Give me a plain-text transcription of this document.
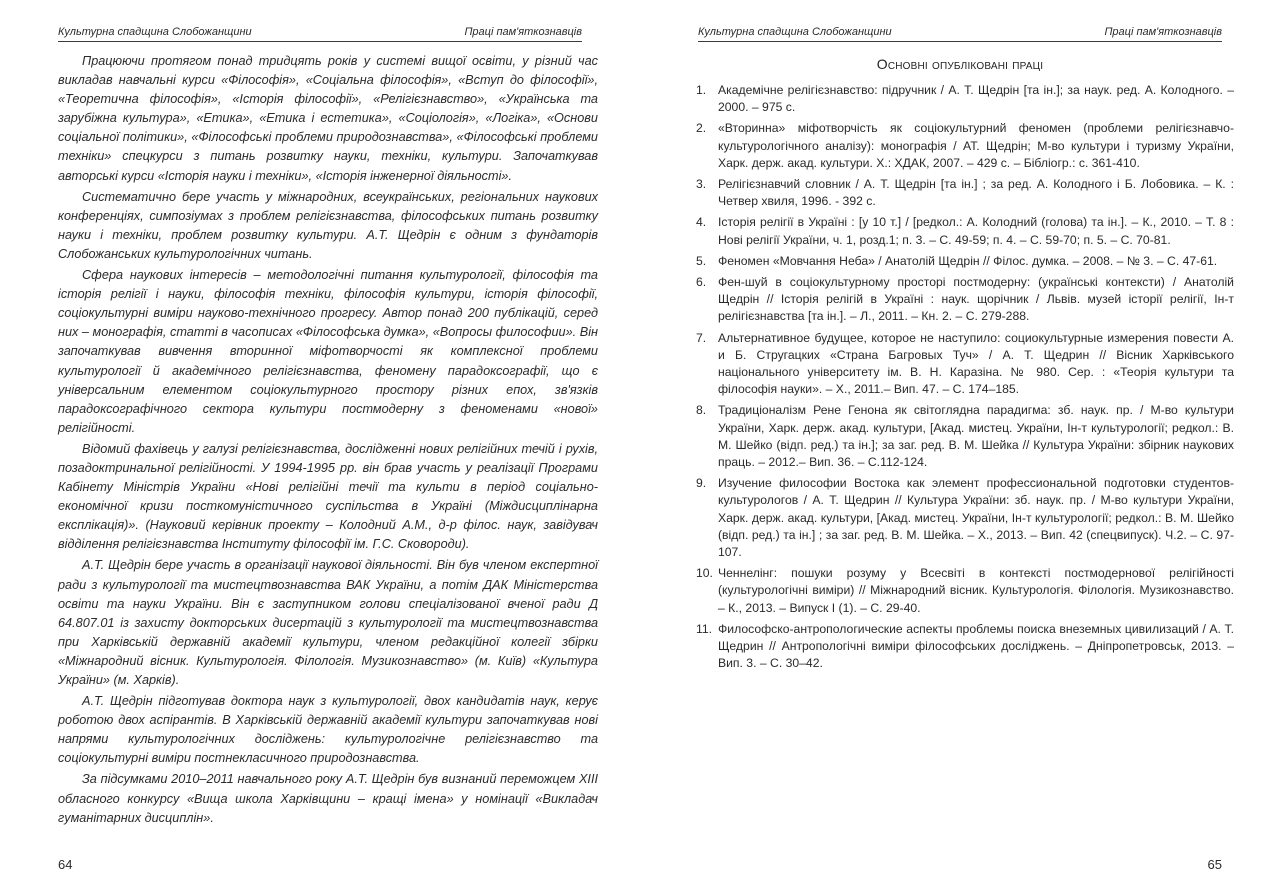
Культурна спадщина Слобожанщини	Праці пам'яткознавців

Працюючи протягом понад тридцять років у системі вищої освіти, у різний час викладав навчальні курси «Філософія», «Соціальна філософія», «Вступ до філософії», «Теоретична філософія», «Історія філософії», «Релігієзнавство», «Українська та зарубіжна культура», «Етика», «Етика і естетика», «Соціологія», «Логіка», «Основи соціальної політики», «Філософські проблеми природознавства», «Філософські проблеми техніки» спецкурси з питань розвитку науки, техніки, культури. Започаткував авторські курси «Історія науки і техніки», «Історія інженерної діяльності».

Систематично бере участь у міжнародних, всеукраїнських, регіональних наукових конференціях, симпозіумах з проблем релігієзнавства, філософських питань розвитку науки і техніки, проблем розвитку культури. А.Т. Щедрін є одним з фундаторів Слобожанських культурологічних читань.

Сфера наукових інтересів – методологічні питання культурології, філософія та історія релігії і науки, філософія техніки, філософія культури, історія філософії, соціокультурні виміри науково-технічного прогресу. Автор понад 200 публікацій, серед них – монографія, статті в часописах «Філософська думка», «Вопросы философии». Він започаткував вивчення вторинної міфотворчості як комплексної проблеми культурології й академічного релігієзнавства, феномену парадоксографії, що є універсальним елементом соціокультурного простору різних епох, зв'язків парадоксографічного сектора культури постмодерну з феноменами «нової» релігійності.

Відомий фахівець у галузі релігієзнавства, дослідженні нових релігійних течій і рухів, позадоктринальної релігійності. У 1994-1995 рр. він брав участь у реалізації Програми Кабінету Міністрів України «Нові релігійні течії та культи в період соціально-економічної кризи посткомуністичного суспільства в Україні (Міждисциплінарна експлікація)». (Науковий керівник проекту – Колодний А.М., д-р філос. наук, завідувач відділення релігієзнавства Інституту філософії ім. Г.С. Сковороди).

А.Т. Щедрін бере участь в організації наукової діяльності. Він був членом експертної ради з культурології та мистецтвознавства ВАК України, а потім ДАК Міністерства освіти та науки України. Він є заступником голови спеціалізованої вченої ради Д 64.807.01 із захисту докторських дисертацій з культурології та мистецтвознавства при Харківській державній академії культури, членом редакційної колегії збірки «Міжнародний вісник. Культурологія. Філологія. Музикознавство» (м. Київ) «Культура України» (м. Харків).

А.Т. Щедрін підготував доктора наук з культурології, двох кандидатів наук, керує роботою двох аспірантів. В Харківській державній академії культури започаткував нові напрями культурологічних досліджень: культурологічне релігієзнавство та соціокультурні виміри постнекласичного природознавства.

За підсумками 2010–2011 навчального року А.Т. Щедрін був визнаний переможцем XIII обласного конкурсу «Вища школа Харківщини – кращі імена» у номінації «Викладач гуманітарних дисциплін».

64
Культурна спадщина Слобожанщини	Праці пам'яткознавців
Основні опубліковані праці
1. Академічне релігієзнавство: підручник / А. Т. Щедрін [та ін.]; за наук. ред. А. Колодного. – 2000. – 975 с.
2. «Вторинна» міфотворчість як соціокультурний феномен (проблеми релігієзнавчо-культурологічного аналізу): монографія / АТ. Щедрін; М-во культури і туризму України, Харк. держ. акад. культури. Х.: ХДАК, 2007. – 429 с. – Бібліогр.: с. 361-410.
3. Релігієзнавчий словник / А. Т. Щедрін [та ін.] ; за ред. А. Колодного і Б. Лобовика. – К. : Четвер хвиля, 1996. - 392 с.
4. Історія релігії в Україні : [у 10 т.] / [редкол.: А. Колодний (голова) та ін.]. – К., 2010. – Т. 8 : Нові релігії України, ч. 1, розд.1; п. 3. – С. 49-59; п. 4. – С. 59-70; п. 5. – С. 70-81.
5. Феномен «Мовчання Неба» / Анатолій Щедрін // Філос. думка. – 2008. – № 3. – С. 47-61.
6. Фен-шуй в соціокультурному просторі постмодерну: (українські контексти) / Анатолій Щедрін // Історія релігій в Україні : наук. щорічник / Львів. музей історії релігії, Ін-т релігієзнавства [та ін.]. – Л., 2011. – Кн. 2. – С. 279-288.
7. Альтернативное будущее, которое не наступило: социокультурные измерения повести А. и Б. Стругацких «Страна Багровых Туч» / А. Т. Щедрин // Вісник Харківського національного університету ім. В. Н. Каразіна. № 980. Сер. : «Теорія культури та філософія науки». – Х., 2011.– Вип. 47. – С. 174–185.
8. Традиціоналізм Рене Генона як світоглядна парадигма: зб. наук. пр. / М-во культури України, Харк. держ. акад. культури, [Акад. мистец. України, Ін-т культурології; редкол.: В. М. Шейко (відп. ред.) та ін.]; за заг. ред. В. М. Шейка // Культура України: збірник наукових праць. – 2012.– Вип. 36. – С.112-124.
9. Изучение философии Востока как элемент профессиональной подготовки студентов-культурологов / А. Т. Щедрин // Культура України: зб. наук. пр. / М-во культури України, Харк. держ. акад. культури, [Акад. мистец. України, Ін-т культурології; редкол.: В. М. Шейко (відп. ред.) та ін.] ; за заг. ред. В. М. Шейка. – Х., 2013. – Вип. 42 (спецвипуск). Ч.2. – С. 97-107.
10. Ченнелінг: пошуки розуму у Всесвіті в контексті постмодернової релігійності (культурологічні виміри) // Міжнародний вісник. Культурологія. Філологія. Музикознавство. – К., 2013. – Випуск I (1). – С. 29-40.
11. Философско-антропологические аспекты проблемы поиска внеземных цивилизаций / А. Т. Щедрин // Антропологічні виміри філософських досліджень. – Дніпропетровськ, 2013. – Вип. 3. – С. 30–42.
65
